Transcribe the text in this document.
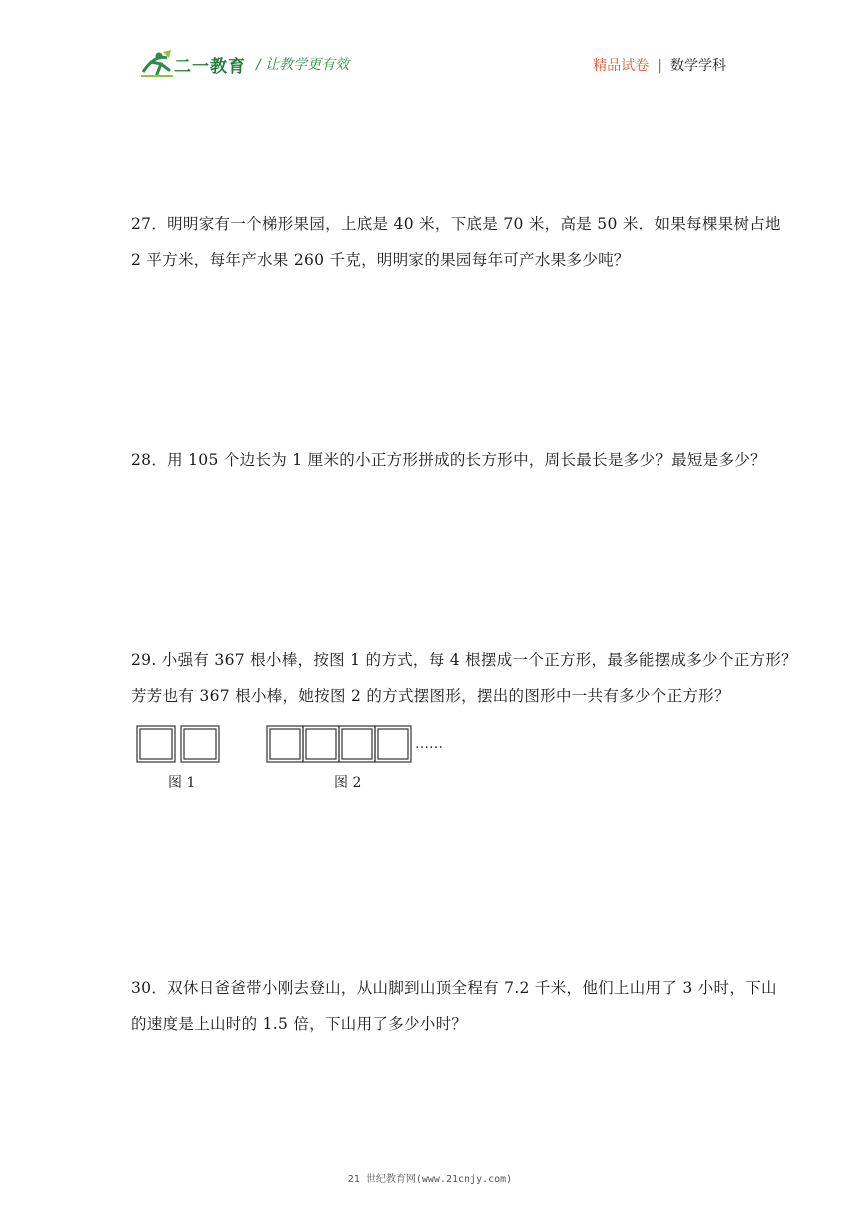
二一教育 / 让教学更有效	精品试卷 | 数学学科

27．明明家有一个梯形果园，上底是 40 米，下底是 70 米，高是 50 米．如果每棵果树占地

2 平方米，每年产水果 260 千克，明明家的果园每年可产水果多少吨？

28．用 105 个边长为 1 厘米的小正方形拼成的长方形中，周长最长是多少？最短是多少？

29. 小强有 367 根小棒，按图 1 的方式，每 4 根摆成一个正方形，最多能摆成多少个正方形？

芳芳也有 367 根小棒，她按图 2 的方式摆图形，摆出的图形中一共有多少个正方形？

……
图 1	图 2

30．双休日爸爸带小刚去登山，从山脚到山顶全程有 7.2 千米，他们上山用了 3 小时，下山

的速度是上山时的 1.5 倍，下山用了多少小时？

21 世纪教育网(www.21cnjy.com)
